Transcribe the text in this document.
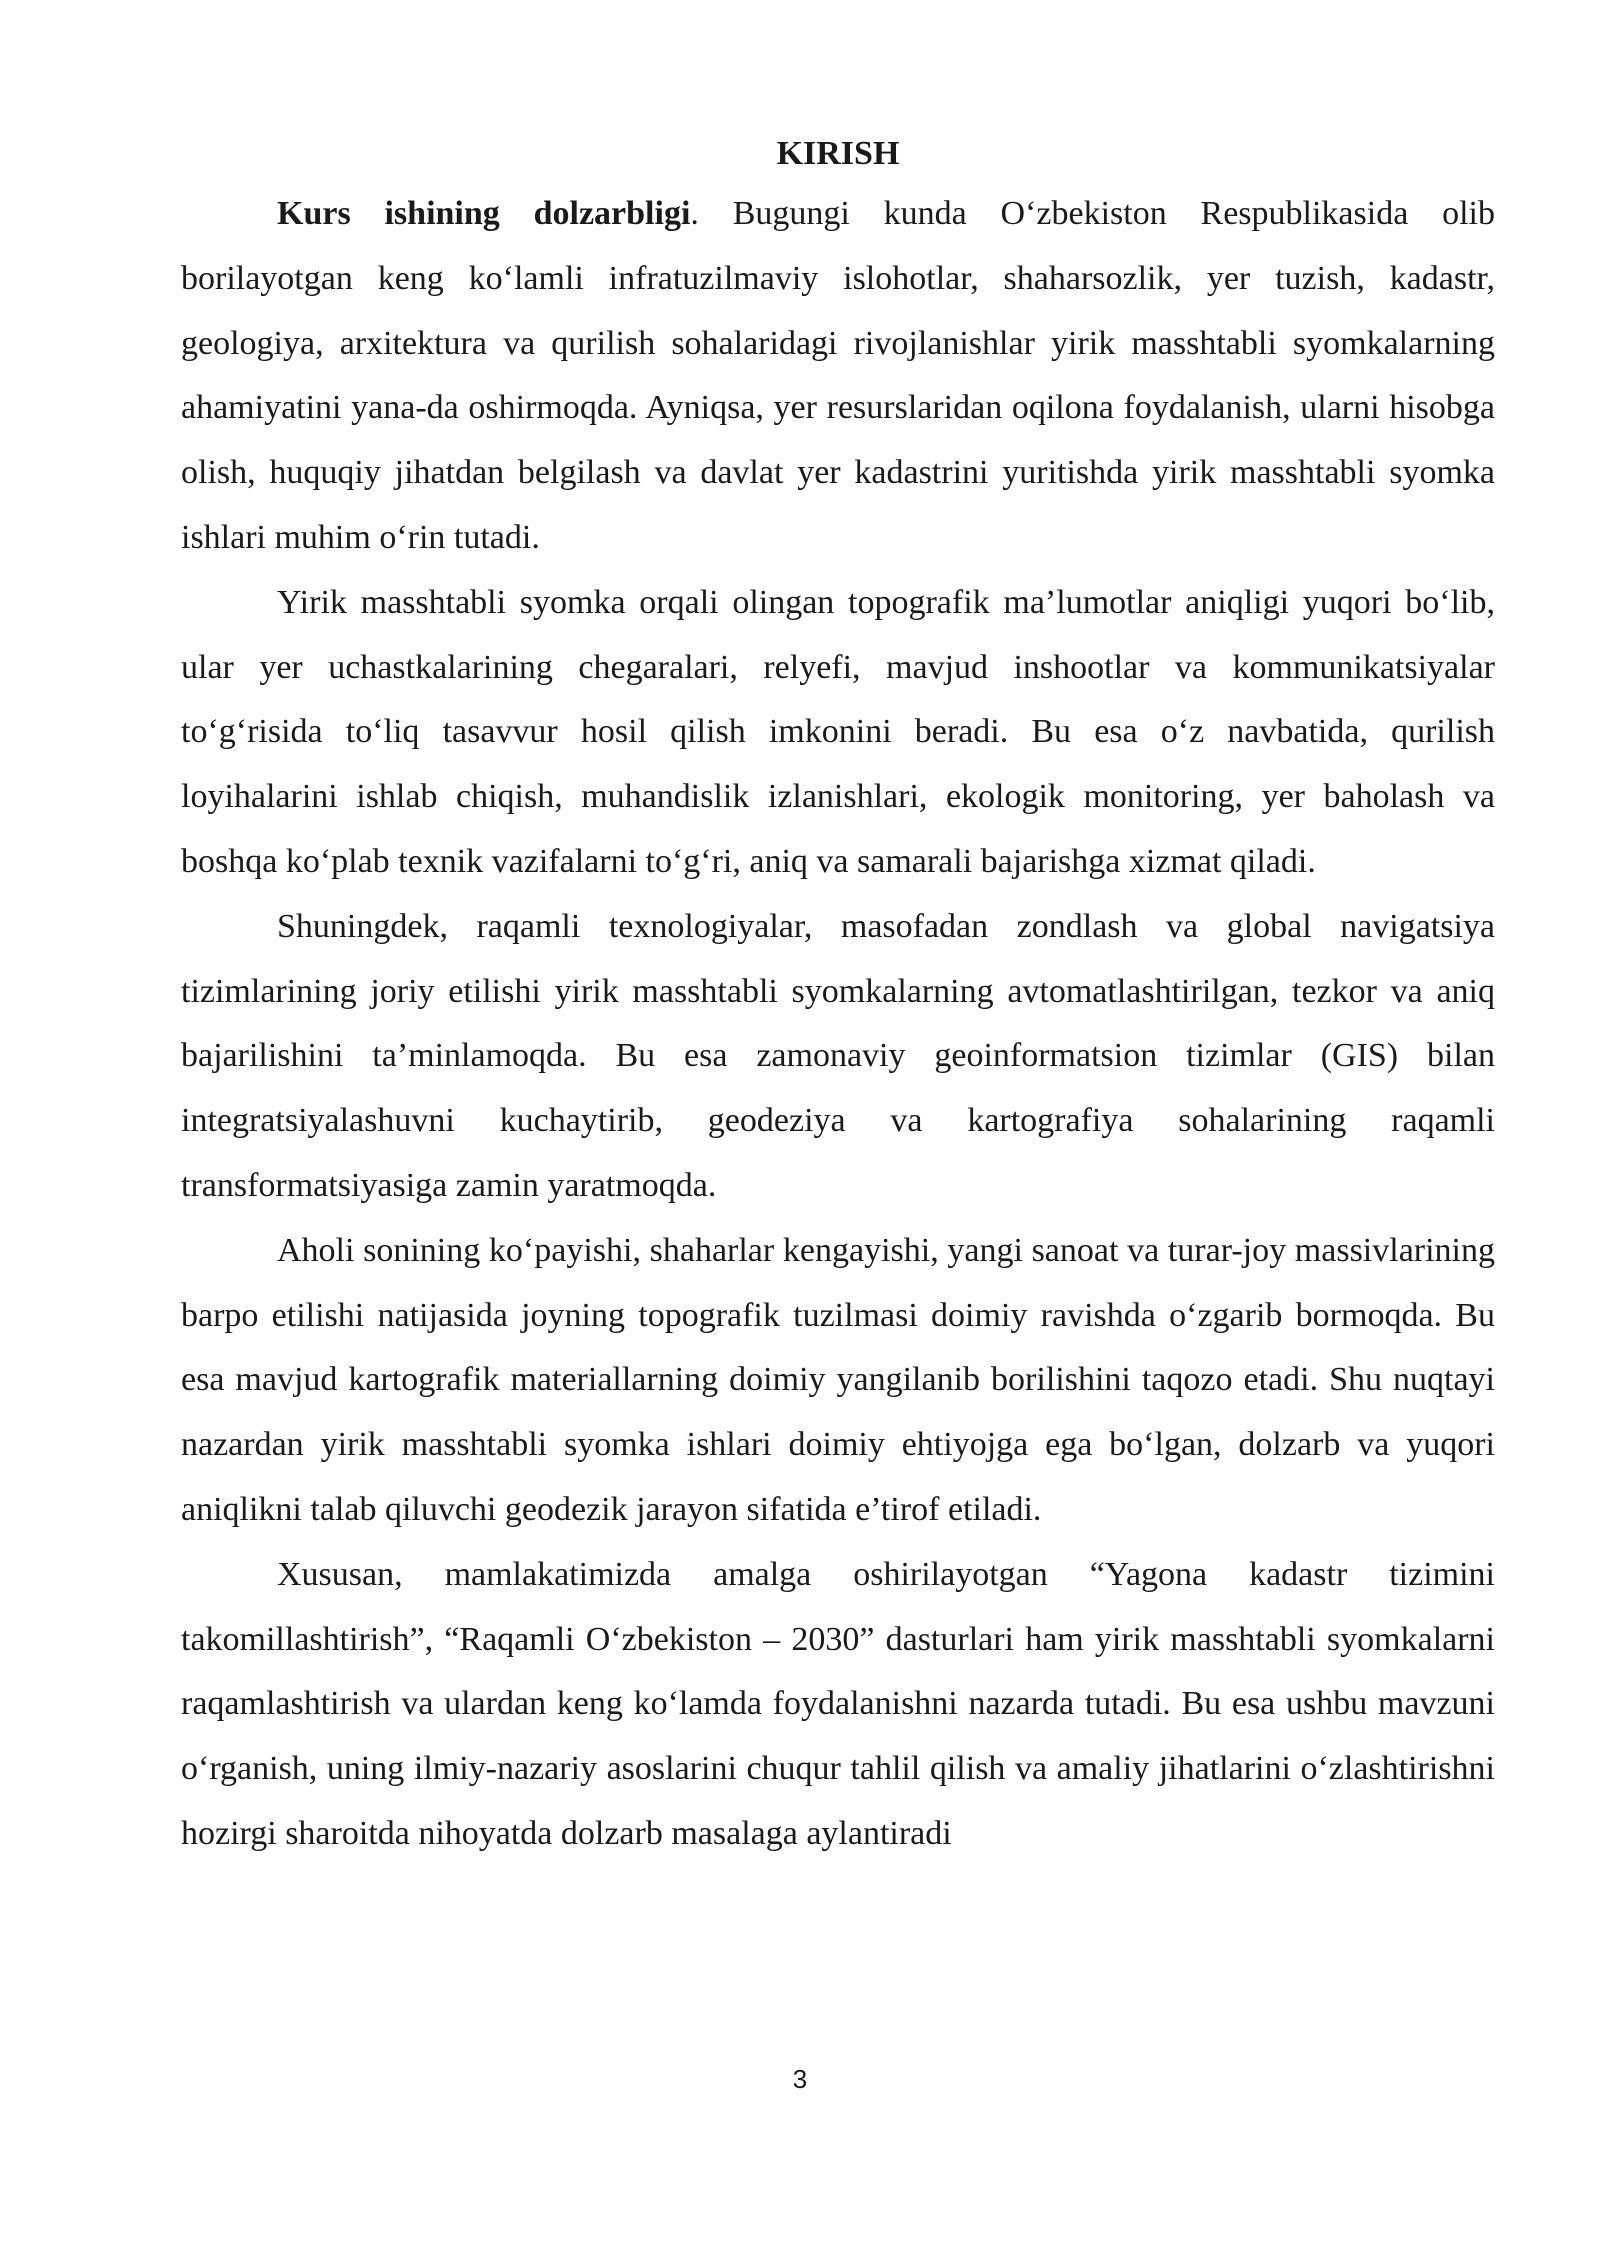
KIRISH

Kurs ishining dolzarbligi. Bugungi kunda O‘zbekiston Respublikasida olib borilayotgan keng ko‘lamli infratuzilmaviy islohotlar, shaharsozlik, yer tuzish, kadastr, geologiya, arxitektura va qurilish sohalaridagi rivojlanishlar yirik masshtabli syomkalarning ahamiyatini yana-da oshirmoqda. Ayniqsa, yer resurslaridan oqilona foydalanish, ularni hisobga olish, huquqiy jihatdan belgilash va davlat yer kadastrini yuritishda yirik masshtabli syomka ishlari muhim o‘rin tutadi.

Yirik masshtabli syomka orqali olingan topografik ma’lumotlar aniqligi yuqori bo‘lib, ular yer uchastkalarining chegaralari, relyefi, mavjud inshootlar va kommunikatsiyalar to‘g‘risida to‘liq tasavvur hosil qilish imkonini beradi. Bu esa o‘z navbatida, qurilish loyihalarini ishlab chiqish, muhandislik izlanishlari, ekologik monitoring, yer baholash va boshqa ko‘plab texnik vazifalarni to‘g‘ri, aniq va samarali bajarishga xizmat qiladi.

Shuningdek, raqamli texnologiyalar, masofadan zondlash va global navigatsiya tizimlarining joriy etilishi yirik masshtabli syomkalarning avtomatlashtirilgan, tezkor va aniq bajarilishini ta’minlamoqda. Bu esa zamonaviy geoinformatsion tizimlar (GIS) bilan integratsiyalashuvni kuchaytirib, geodeziya va kartografiya sohalarining raqamli transformatsiyasiga zamin yaratmoqda.

Aholi sonining ko‘payishi, shaharlar kengayishi, yangi sanoat va turar-joy massivlarining barpo etilishi natijasida joyning topografik tuzilmasi doimiy ravishda o‘zgarib bormoqda. Bu esa mavjud kartografik materiallarning doimiy yangilanib borilishini taqozo etadi. Shu nuqtayi nazardan yirik masshtabli syomka ishlari doimiy ehtiyojga ega bo‘lgan, dolzarb va yuqori aniqlikni talab qiluvchi geodezik jarayon sifatida e’tirof etiladi.

Xususan, mamlakatimizda amalga oshirilayotgan “Yagona kadastr tizimini takomillashtirish”, “Raqamli O‘zbekiston – 2030” dasturlari ham yirik masshtabli syomkalarni raqamlashtirish va ulardan keng ko‘lamda foydalanishni nazarda tutadi. Bu esa ushbu mavzuni o‘rganish, uning ilmiy-nazariy asoslarini chuqur tahlil qilish va amaliy jihatlarini o‘zlashtirishni hozirgi sharoitda nihoyatda dolzarb masalaga aylantiradi

3
